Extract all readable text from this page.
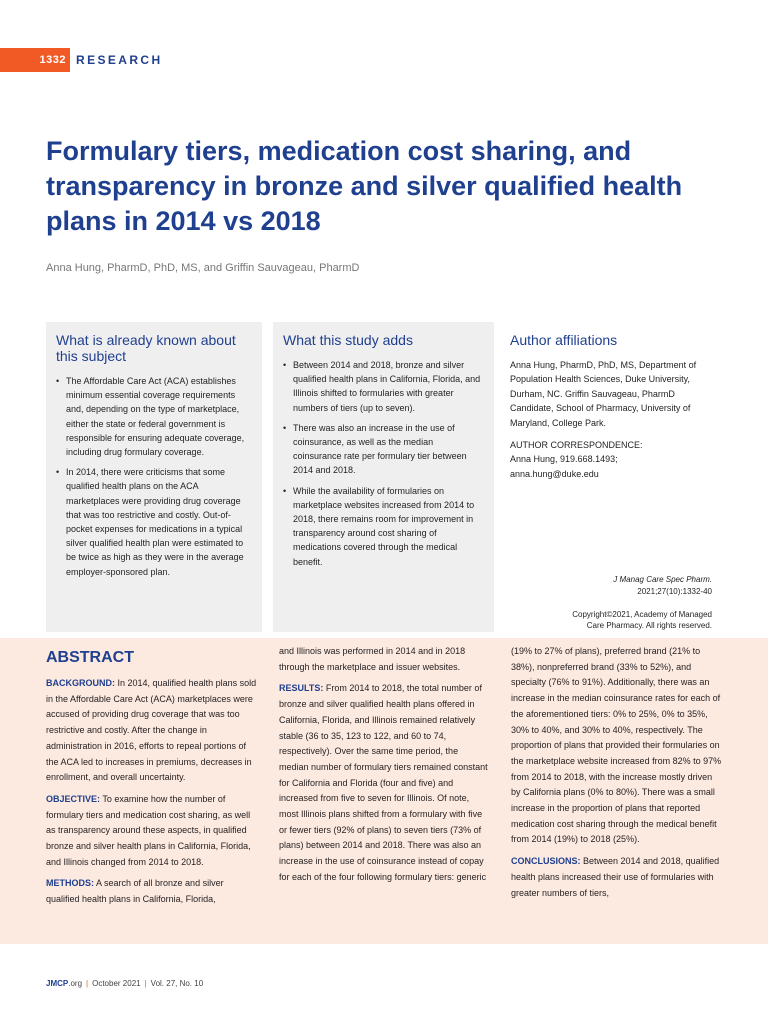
1332 RESEARCH
Formulary tiers, medication cost sharing, and transparency in bronze and silver qualified health plans in 2014 vs 2018
Anna Hung, PharmD, PhD, MS, and Griffin Sauvageau, PharmD
What is already known about this subject
• The Affordable Care Act (ACA) establishes minimum essential coverage requirements and, depending on the type of marketplace, either the state or federal government is responsible for ensuring adequate coverage, including drug formulary coverage.
• In 2014, there were criticisms that some qualified health plans on the ACA marketplaces were providing drug coverage that was too restrictive and costly. Out-of-pocket expenses for medications in a typical silver qualified health plan were estimated to be twice as high as they were in the average employer-sponsored plan.
What this study adds
• Between 2014 and 2018, bronze and silver qualified health plans in California, Florida, and Illinois shifted to formularies with greater numbers of tiers (up to seven).
• There was also an increase in the use of coinsurance, as well as the median coinsurance rate per formulary tier between 2014 and 2018.
• While the availability of formularies on marketplace websites increased from 2014 to 2018, there remains room for improvement in transparency around cost sharing of medications covered through the medical benefit.
Author affiliations

Anna Hung, PharmD, PhD, MS, Department of Population Health Sciences, Duke University, Durham, NC. Griffin Sauvageau, PharmD Candidate, School of Pharmacy, University of Maryland, College Park.

AUTHOR CORRESPONDENCE:
Anna Hung, 919.668.1493;
anna.hung@duke.edu

J Manag Care Spec Pharm.
2021;27(10):1332-40

Copyright©2021, Academy of Managed
Care Pharmacy. All rights reserved.
ABSTRACT

BACKGROUND: In 2014, qualified health plans sold in the Affordable Care Act (ACA) marketplaces were accused of providing drug coverage that was too restrictive and costly. After the change in administration in 2016, efforts to repeal portions of the ACA led to increases in premiums, decreases in enrollment, and overall uncertainty.

OBJECTIVE: To examine how the number of formulary tiers and medication cost sharing, as well as transparency around these aspects, in qualified bronze and silver health plans in California, Florida, and Illinois changed from 2014 to 2018.

METHODS: A search of all bronze and silver qualified health plans in California, Florida,

and Illinois was performed in 2014 and in 2018 through the marketplace and issuer websites.

RESULTS: From 2014 to 2018, the total number of bronze and silver qualified health plans offered in California, Florida, and Illinois remained relatively stable (36 to 35, 123 to 122, and 60 to 74, respectively). Over the same time period, the median number of formulary tiers remained constant for California and Florida (four and five) and increased from five to seven for Illinois. Of note, most Illinois plans shifted from a formulary with five or fewer tiers (92% of plans) to seven tiers (73% of plans) between 2014 and 2018. There was also an increase in the use of coinsurance instead of copay for each of the four following formulary tiers: generic

(19% to 27% of plans), preferred brand (21% to 38%), nonpreferred brand (33% to 52%), and specialty (76% to 91%). Additionally, there was an increase in the median coinsurance rates for each of the aforementioned tiers: 0% to 25%, 0% to 35%, 30% to 40%, and 30% to 40%, respectively. The proportion of plans that provided their formularies on the marketplace website increased from 82% to 97% from 2014 to 2018, with the increase mostly driven by California plans (0% to 80%). There was a small increase in the proportion of plans that reported medication cost sharing through the medical benefit from 2014 (19%) to 2018 (25%).

CONCLUSIONS: Between 2014 and 2018, qualified health plans increased their use of formularies with greater numbers of tiers,

JMCP.org | October 2021 | Vol. 27, No. 10
